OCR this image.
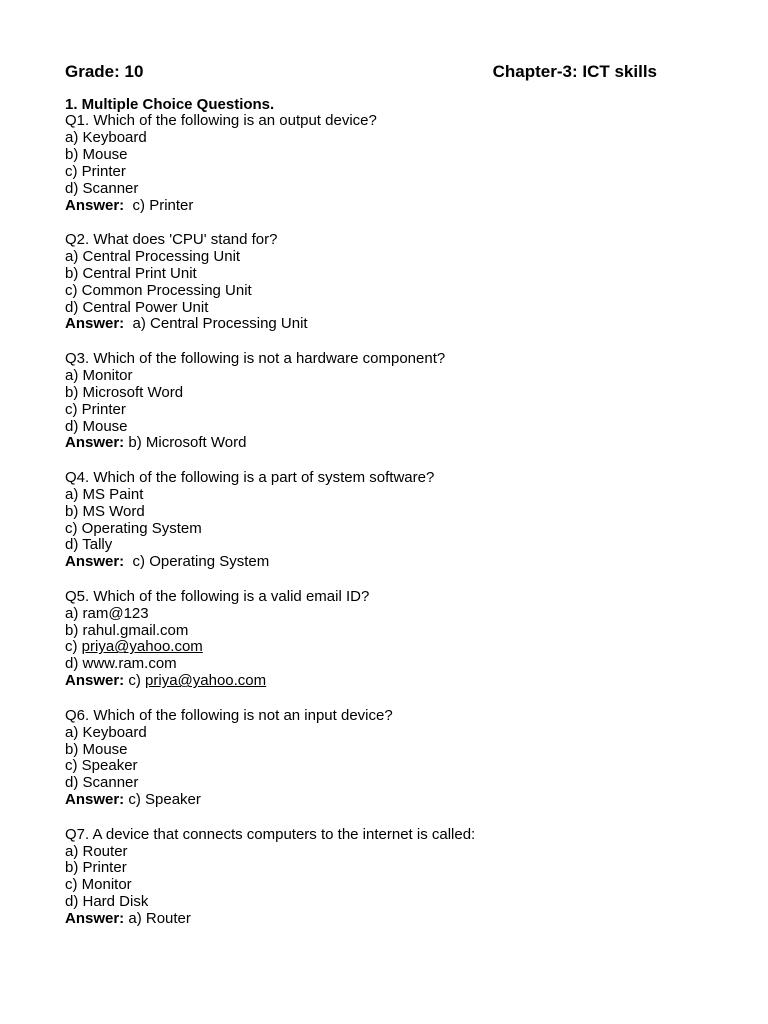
Grade: 10	Chapter-3: ICT skills
1. Multiple Choice Questions.
Q1. Which of the following is an output device?
a) Keyboard
b) Mouse
c) Printer
d) Scanner
Answer: c) Printer
Q2. What does 'CPU' stand for?
a) Central Processing Unit
b) Central Print Unit
c) Common Processing Unit
d) Central Power Unit
Answer: a) Central Processing Unit
Q3. Which of the following is not a hardware component?
a) Monitor
b) Microsoft Word
c) Printer
d) Mouse
Answer: b) Microsoft Word
Q4. Which of the following is a part of system software?
a) MS Paint
b) MS Word
c) Operating System
d) Tally
Answer: c) Operating System
Q5. Which of the following is a valid email ID?
a) ram@123
b) rahul.gmail.com
c) priya@yahoo.com
d) www.ram.com
Answer: c) priya@yahoo.com
Q6. Which of the following is not an input device?
a) Keyboard
b) Mouse
c) Speaker
d) Scanner
Answer: c) Speaker
Q7. A device that connects computers to the internet is called:
a) Router
b) Printer
c) Monitor
d) Hard Disk
Answer: a) Router
